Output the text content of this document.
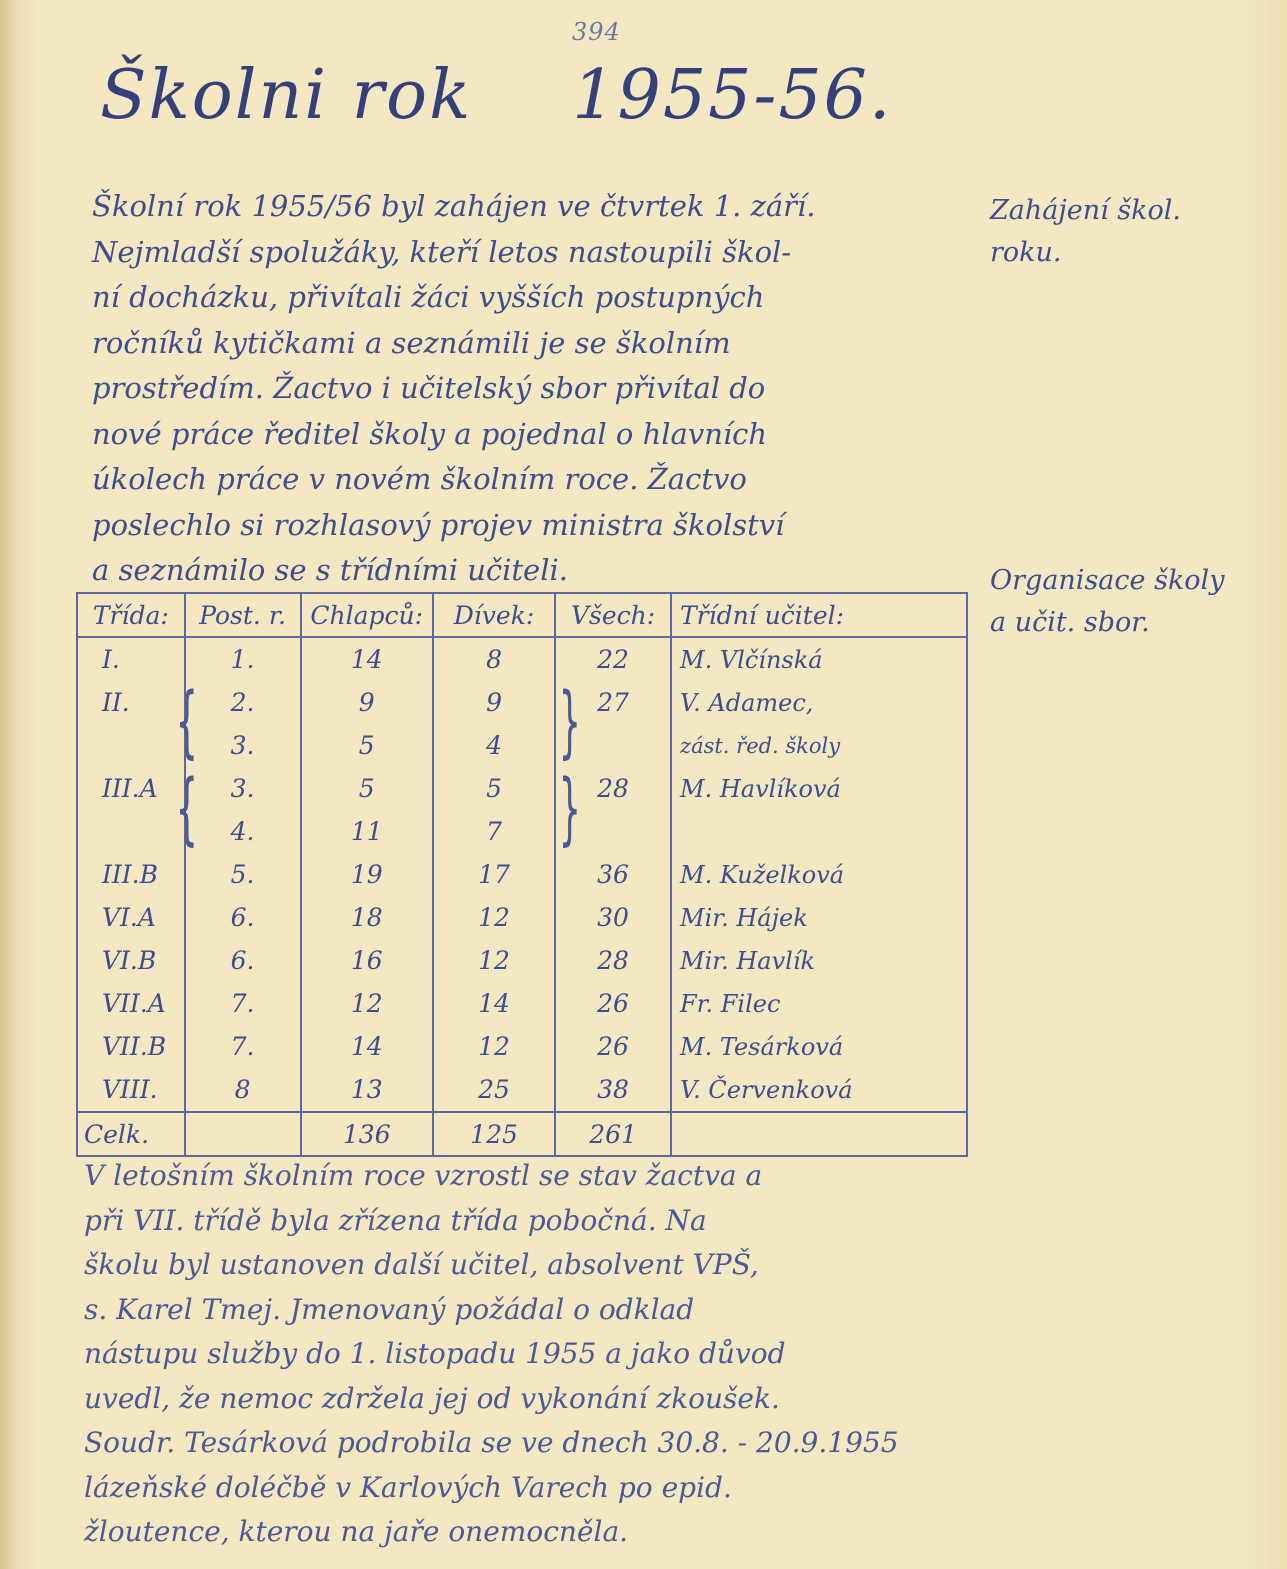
394
Školni rok 1955-56.
Školní rok 1955/56 byl zahájen ve čtvrtek 1. září.
Nejmladší spolužáky, kteří letos nastoupili škol-
ní docházku, přivítali žáci vyšších postupných
ročníků kytičkami a seznámili je se školním
prostředím. Žactvo i učitelský sbor přivítal do
nové práce ředitel školy a pojednal o hlavních
úkolech práce v novém školním roce. Žactvo
poslechlo si rozhlasový projev ministra školství
a seznámilo se s třídními učiteli.
Zahájení škol.
roku.
Organisace školy
a učit. sbor.
Třída:	Post. r.	Chlapců:	Dívek:	Všech:	Třídní učitel:
I.	1.	14	8	22	M. Vlčínská
II.	2.	9	9	27	V. Adamec,
	3.	5	4		zást. řed. školy
III.A	3.	5	5	28	M. Havlíková
	4.	11	7		
III.B	5.	19	17	36	M. Kuželková
VI.A	6.	18	12	30	Mir. Hájek
VI.B	6.	16	12	28	Mir. Havlík
VII.A	7.	12	14	26	Fr. Filec
VII.B	7.	14	12	26	M. Tesárková
VIII.	8	13	25	38	V. Červenková
Celk.		136	125	261	
{
{
}
}
V letošním školním roce vzrostl se stav žactva a
při VII. třídě byla zřízena třída pobočná. Na
školu byl ustanoven další učitel, absolvent VPŠ,
s. Karel Tmej. Jmenovaný požádal o odklad
nástupu služby do 1. listopadu 1955 a jako důvod
uvedl, že nemoc zdržela jej od vykonání zkoušek.
Soudr. Tesárková podrobila se ve dnech 30.8. - 20.9.1955
lázeňské doléčbě v Karlových Varech po epid.
žloutence, kterou na jaře onemocněla.
